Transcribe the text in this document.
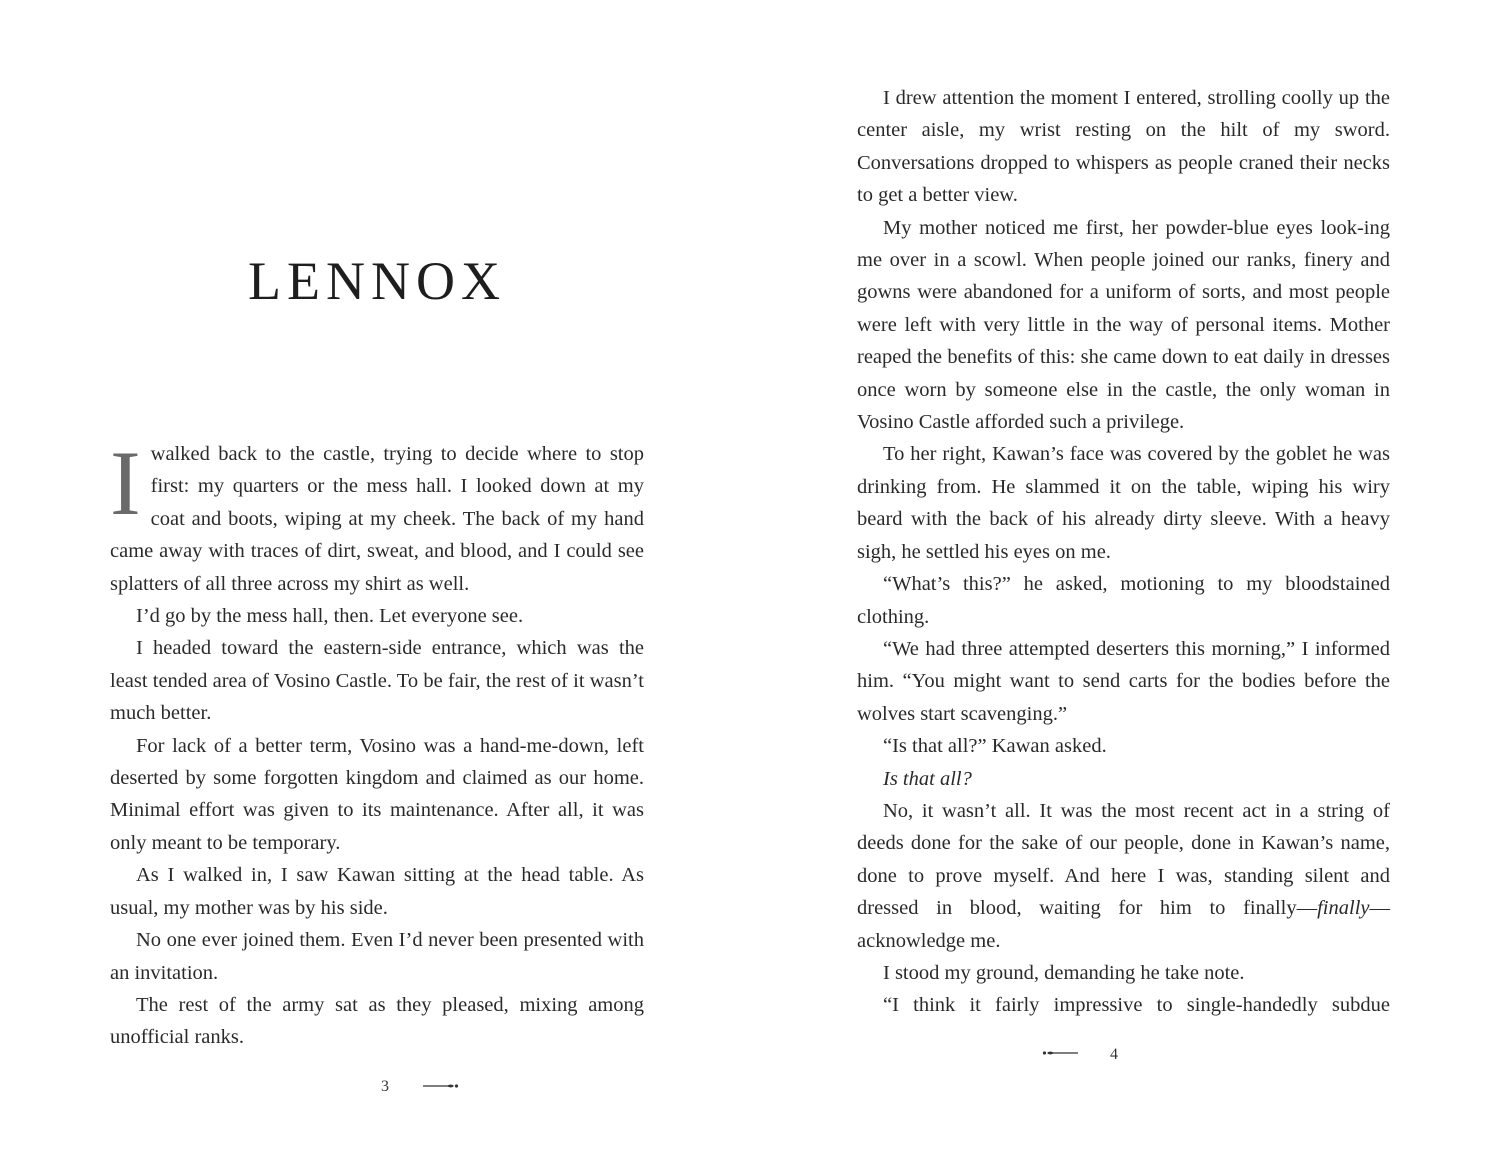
LENNOX

Iwalked back to the castle, trying to decide where to stop first: my quarters or the mess hall. I looked down at my coat and boots, wiping at my cheek. The back of my hand came away with traces of dirt, sweat, and blood, and I could see splatters of all three across my shirt as well.

I’d go by the mess hall, then. Let everyone see.

I headed toward the eastern-side entrance, which was the least tended area of Vosino Castle. To be fair, the rest of it wasn’t much better.

For lack of a better term, Vosino was a hand-me-down, left deserted by some forgotten kingdom and claimed as our home. Minimal effort was given to its maintenance. After all, it was only meant to be temporary.

As I walked in, I saw Kawan sitting at the head table. As usual, my mother was by his side.

No one ever joined them. Even I’d never been presented with an invitation.

The rest of the army sat as they pleased, mixing among unofficial ranks.

3

I drew attention the moment I entered, strolling coolly up the center aisle, my wrist resting on the hilt of my sword. Conversations dropped to whispers as people craned their necks to get a better view.

My mother noticed me first, her powder-blue eyes look-ing me over in a scowl. When people joined our ranks, finery and gowns were abandoned for a uniform of sorts, and most people were left with very little in the way of personal items. Mother reaped the benefits of this: she came down to eat daily in dresses once worn by someone else in the castle, the only woman in Vosino Castle afforded such a privilege.

To her right, Kawan’s face was covered by the goblet he was drinking from. He slammed it on the table, wiping his wiry beard with the back of his already dirty sleeve. With a heavy sigh, he settled his eyes on me.

“What’s this?” he asked, motioning to my bloodstained clothing.

“We had three attempted deserters this morning,” I informed him. “You might want to send carts for the bodies before the wolves start scavenging.”

“Is that all?” Kawan asked.

Is that all?

No, it wasn’t all. It was the most recent act in a string of deeds done for the sake of our people, done in Kawan’s name, done to prove myself. And here I was, standing silent and dressed in blood, waiting for him to finally—finally— acknowledge me.

I stood my ground, demanding he take note.

“I think it fairly impressive to single-handedly subdue

4
